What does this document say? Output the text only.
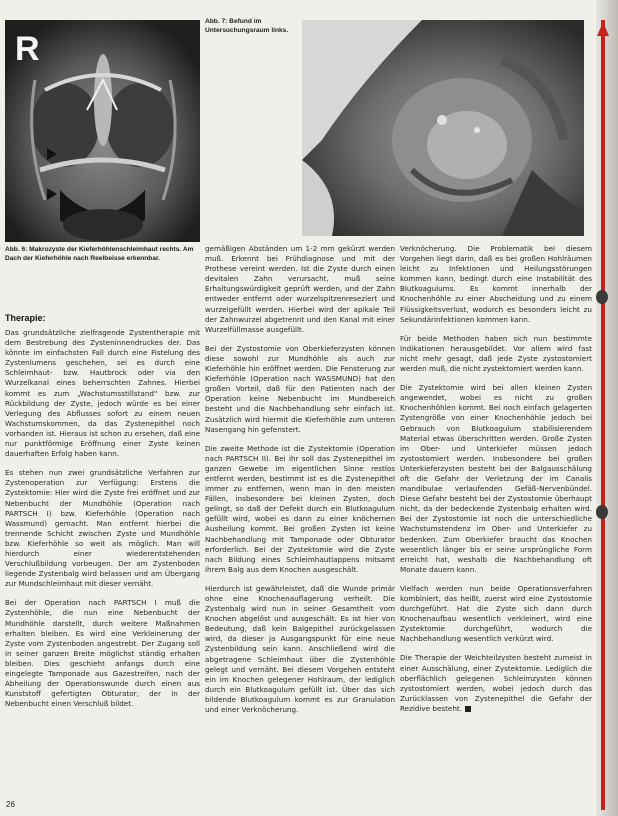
R
Abb. 6: Makrozyste der Kieferhöhlenschleimhaut rechts. Am Dach der Kieferhöhle nach Reelbeisse erkennbar.
Abb. 7: Befund im Untersuchungsraum links.
Therapie:

Das grundsätzliche zielfragende Zystentherapie mit dem Bestrebung des Zysteninnendruckes der. Das könnte im einfachsten Fall durch eine Fistelung des Zystenlumens geschehen, sei es durch eine Schleimhaut- bzw. Hautbrock oder via den Wurzelkanal eines beherrschten Zahnes. Hierbei kommt es zum „Wachstumsstillstand" bzw. zur Rückbildung der Zyste, jedoch würde es bei einer Verlegung des Abflusses sofort zu einem neuen Wachstumskommen, da das Zystenepithel noch vorhanden ist. Hieraus ist schon zu ersehen, daß eine nur punktförmige Eröffnung einer Zyste keinen dauerhaften Erfolg haben kann.

Es stehen nun zwei grundsätzliche Verfahren zur Zystenoperation zur Verfügung: Erstens die Zystektomie: Hier wird die Zyste frei eröffnet und zur Nebenbucht der Mundhöhle (Operation nach PARTSCH I) bzw. Kieferhöhle (Operation nach Wassmund) gemacht. Man entfernt hierbei die trennende Schicht zwischen Zyste und Mundhöhle bzw. Kieferhöhle so weit als möglich. Man will hierdurch einer wiederentstehenden Verschlußbildung vorbeugen. Der am Zystenboden liegende Zystenbalg wird belassen und am Übergang zur Mundschleimhaut mit dieser vernäht.

Bei der Operation nach PARTSCH I muß die Zystenhöhle, die nun eine Nebenbucht der Mundhöhle darstellt, durch weitere Maßnahmen erhalten bleiben. Es wird eine Verkleinerung der Zyste vom Zystenboden angestrebt. Der Zugang soll in seiner ganzen Breite möglichst ständig erhalten bleiben. Dies geschieht anfangs durch eine eingelegte Tamponade aus Gazestreifen, nach der Abheilung der Operationswunde durch einen aus Kunststoff gefertigten Obturator, der in der Nebenbucht einen Verschluß bildet.

gemäßigen Abständen um 1-2 mm gekürzt werden muß. Erkennt bei Frühdiagnose und mit der Prothese vereint werden. Ist die Zyste durch einen devitalen Zahn verursacht, muß seine Erhaltungswürdigkeit geprüft werden, und der Zahn entweder entfernt oder wurzelspitzenreseziert und wurzelgefüllt werden. Hierbei wird der apikale Teil der Zahnwurzel abgetrennt und den Kanal mit einer Wurzelfüllmasse ausgefüllt.

Bei der Zystostomie von Oberkieferzysten können diese sowohl zur Mundhöhle als auch zur Kieferhöhle hin eröffnet werden. Die Fensterung zur Kieferhöhle (Operation nach WASSMUND) hat den großen Vorteil, daß für den Patienten nach der Operation keine Nebenbucht im Mundbereich besteht und die Nachbehandlung sehr einfach ist. Zusätzlich wird hiermit die Kieferhöhle zum unteren Nasengang hin gefenstert.

Die zweite Methode ist die Zystektomie (Operation nach PARTSCH II). Bei ihr soll das Zystenepithel im ganzen Gewebe im eigentlichen Sinne restlos entfernt werden, bestimmt ist es die Zystenepithel immer zu entfernen, wenn man in den meisten Fällen, insbesondere bei kleinen Zysten, doch gelingt, so daß der Defekt durch ein Blutkoagulum gefüllt wird, wobei es dann zu einer knöchernen Ausheilung kommt. Bei großen Zysten ist keine Nachbehandlung mit Tamponade oder Obturator erforderlich. Bei der Zystektomie wird die Zyste nach Bildung eines Schleimhautlappens mitsamt ihrem Balg aus dem Knochen ausgeschält.

Hierdurch ist gewährleistet, daß die Wunde primär ohne eine Knochenauflagerung verheilt. Die Zystenbalg wird nun in seiner Gesamtheit vom Knochen abgelöst und ausgeschält. Es ist hier von Bedeutung, daß kein Balgepithel zurückgelassen wird, da dieser ja Ausgangspunkt für eine neue Zystenbildung sein kann. Anschließend wird die abgetragene Schleimhaut über die Zystenhöhle gelegt und vernäht. Bei diesem Vorgehen entsteht ein im Knochen gelegener Hohlraum, der lediglich durch ein Blutkoagulum gefüllt ist. Über das sich bildende Blutkoagulum kommt es zur Granulation und einer Verknöcherung.

Verknöcherung. Die Problematik bei diesem Vorgehen liegt darin, daß es bei großen Hohlräumen leicht zu Infektionen und Heilungsstörungen kommen kann, bedingt durch eine Instabilität des Blutkoagulums. Es kommt innerhalb der Knochenhöhle zu einer Abscheidung und zu einem Flüssigkeitsverlust, wodurch es besonders leicht zu Sekundärinfektionen kommen kann.

Für beide Methoden haben sich nun bestimmte Indikationen herausgebildet. Vor allem wird fast nicht mehr gesagt, daß jede Zyste zystostomiert werden muß, die nicht zystektomiert werden kann.

Die Zystektomie wird bei allen kleinen Zysten angewendet, wobei es nicht zu großen Knochenhöhlen kommt. Bei noch einfach gelagerten Zystengröße von einer Knochenhöhle jedoch bei Gebrauch von Blutkoagulum stabilisierendem Material etwas überschritten werden. Große Zysten im Ober- und Unterkiefer müssen jedoch zystostomiert werden. Insbesondere bei großen Unterkieferzysten besteht bei der Balgausschälung oft die Gefahr der Verletzung der im Canalis mandibulae verlaufenden Gefäß-Nervenbündel. Diese Gefahr besteht bei der Zystostomie überhaupt nicht, da der bedeckende Zystenbalg erhalten wird. Bei der Zystostomie ist noch die unterschiedliche Wachstumstendenz im Ober- und Unterkiefer zu bedenken. Zum Oberkiefer braucht das Knochen wesentlich länger bis er seine ursprüngliche Form erreicht hat, weshalb die Nachbehandlung oft Monate dauern kann.

Vielfach werden nun beide Operationsverfahren kombiniert, das heißt, zuerst wird eine Zystostomie durchgeführt. Hat die Zyste sich dann durch Knochenaufbau wesentlich verkleinert, wird eine Zystektomie durchgeführt, wodurch die Nachbehandlung wesentlich verkürzt wird.

Die Therapie der Weichteilzysten besteht zumeist in einer Ausschälung, einer Zystektomie. Lediglich die oberflächlich gelegenen Schleimzysten können zystostomiert werden, wobei jedoch durch das Zurücklassen von Zystenepithel die Gefahr der Rezidive besteht.

26
